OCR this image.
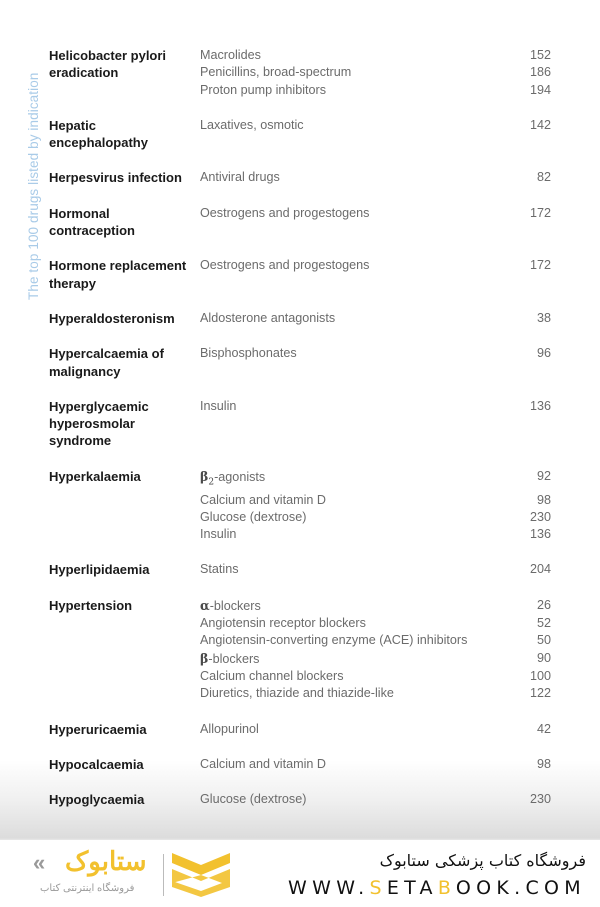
The top 100 drugs listed by indication
Helicobacter pylori eradication
Macrolides	152
Penicillins, broad-spectrum	186
Proton pump inhibitors	194
Hepatic encephalopathy
Laxatives, osmotic	142
Herpesvirus infection	Antiviral drugs	82
Hormonal contraception
Oestrogens and progestogens	172
Hormone replacement therapy
Oestrogens and progestogens	172
Hyperaldosteronism	Aldosterone antagonists	38
Hypercalcaemia of malignancy
Bisphosphonates	96
Hyperglycaemic hyperosmolar syndrome
Insulin	136
Hyperkalaemia	$\beta_2$-agonists	92
Calcium and vitamin D	98
Glucose (dextrose)	230
Insulin	136
Hyperlipidaemia	Statins	204
Hypertension	α-blockers	26
Angiotensin receptor blockers	52
Angiotensin-converting enzyme (ACE) inhibitors	50
β-blockers	90
Calcium channel blockers	100
Diuretics, thiazide and thiazide-like	122
Hyperuricaemia	Allopurinol	42
Hypocalcaemia	Calcium and vitamin D	98
Hypoglycaemia	Glucose (dextrose)	230
« ستابوک
فروشگاه اینترنتی کتاب
فروشگاه کتاب پزشکی ستابوک
WWW.SETABOOK.COM
